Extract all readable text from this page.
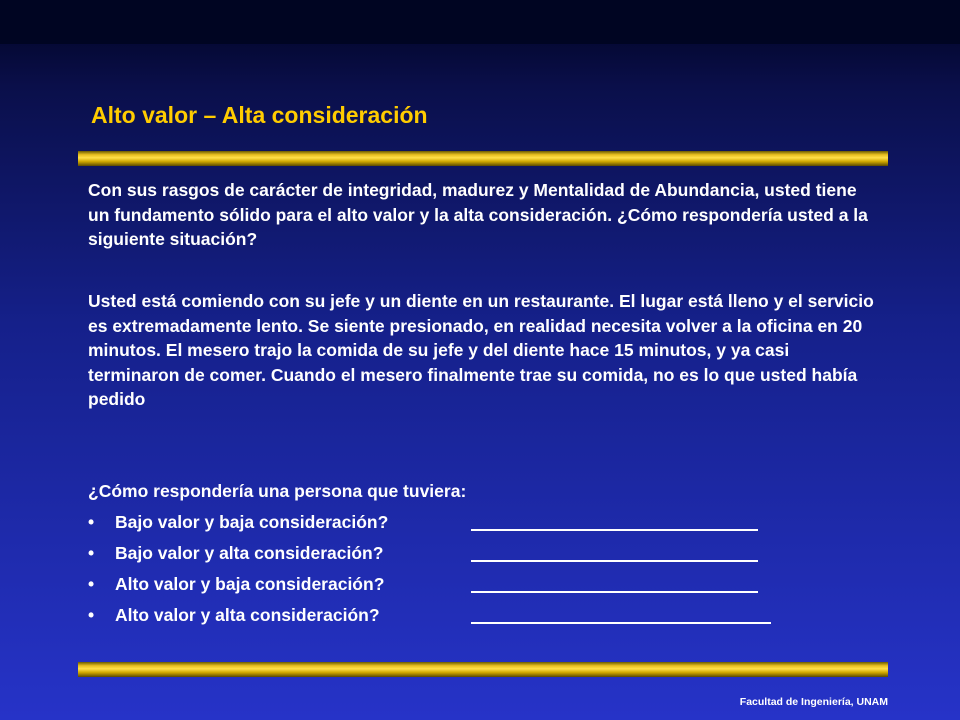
Alto valor – Alta consideración

Con sus rasgos de carácter de integridad, madurez y Mentalidad de Abundancia, usted tiene un fundamento sólido para el alto valor y la alta consideración. ¿Cómo respondería usted a la siguiente situación?

Usted está comiendo con su jefe y un diente en un restaurante. El lugar está lleno y el servicio es extremadamente lento. Se siente presionado, en realidad necesita volver a la oficina en 20 minutos. El mesero trajo la comida de su jefe y del diente hace 15 minutos, y ya casi terminaron de comer. Cuando el mesero finalmente trae su comida, no es lo que usted había pedido

¿Cómo respondería una persona que tuviera:
• Bajo valor y baja consideración?
• Bajo valor y alta consideración?
• Alto valor y baja consideración?
• Alto valor y alta consideración?
Facultad de Ingeniería, UNAM
